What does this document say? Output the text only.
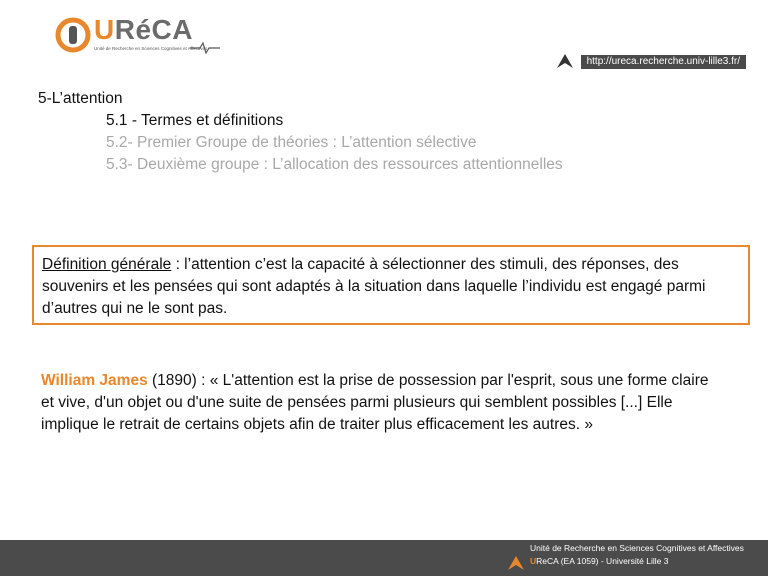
URéCA
Unité de Recherche en Sciences Cognitives et Affectives
http://ureca.recherche.univ-lille3.fr/
5-L’attention
5.1 - Termes et définitions
5.2- Premier Groupe de théories : L’attention sélective
5.3- Deuxième groupe : L’allocation des ressources attentionnelles
Définition générale : l’attention c’est la capacité à sélectionner des stimuli, des réponses, des souvenirs et les pensées qui sont adaptés à la situation dans laquelle l’individu est engagé parmi d’autres qui ne le sont pas.
William James (1890) : « L'attention est la prise de possession par l'esprit, sous une forme claire et vive, d'un objet ou d'une suite de pensées parmi plusieurs qui semblent possibles [...] Elle implique le retrait de certains objets afin de traiter plus efficacement les autres. »
Unité de Recherche en Sciences Cognitives et Affectives
UReCA (EA 1059) - Université Lille 3
